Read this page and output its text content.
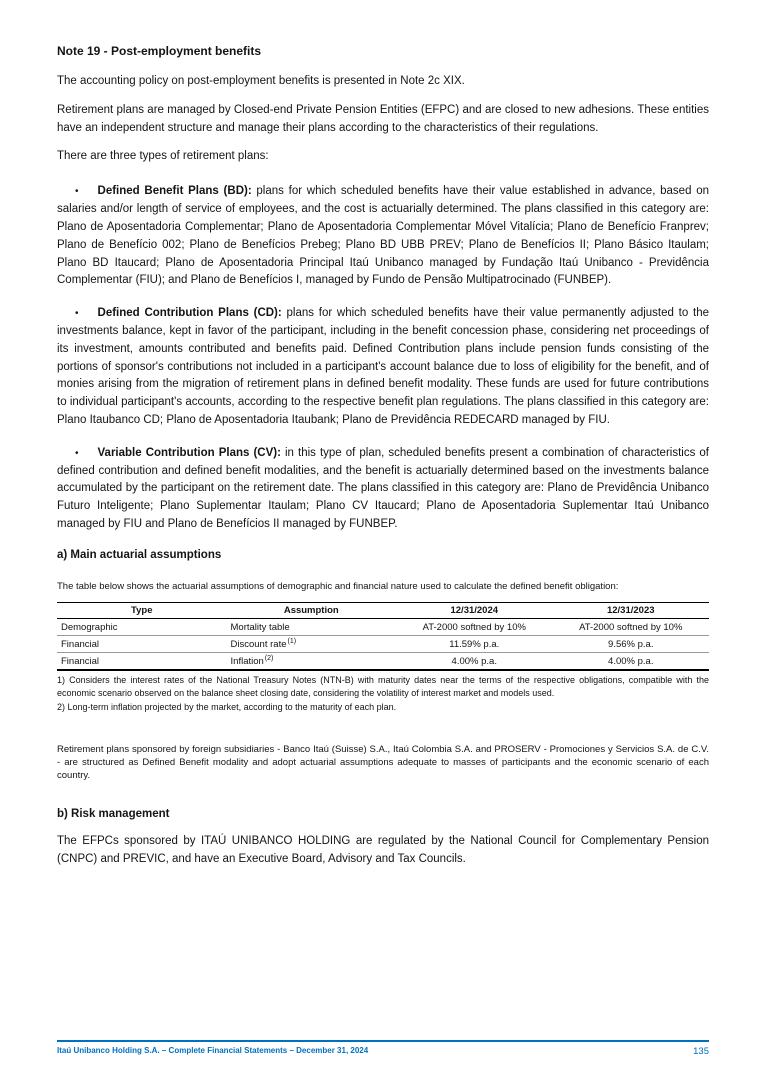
Note 19 - Post-employment benefits

The accounting policy on post-employment benefits is presented in Note 2c XIX.

Retirement plans are managed by Closed-end Private Pension Entities (EFPC) and are closed to new adhesions. These entities have an independent structure and manage their plans according to the characteristics of their regulations.

There are three types of retirement plans:

• Defined Benefit Plans (BD): plans for which scheduled benefits have their value established in advance, based on salaries and/or length of service of employees, and the cost is actuarially determined. The plans classified in this category are: Plano de Aposentadoria Complementar; Plano de Aposentadoria Complementar Móvel Vitalícia; Plano de Benefício Franprev; Plano de Benefício 002; Plano de Benefícios Prebeg; Plano BD UBB PREV; Plano de Benefícios II; Plano Básico Itaulam; Plano BD Itaucard; Plano de Aposentadoria Principal Itaú Unibanco managed by Fundação Itaú Unibanco - Previdência Complementar (FIU); and Plano de Benefícios I, managed by Fundo de Pensão Multipatrocinado (FUNBEP).

• Defined Contribution Plans (CD): plans for which scheduled benefits have their value permanently adjusted to the investments balance, kept in favor of the participant, including in the benefit concession phase, considering net proceedings of its investment, amounts contributed and benefits paid. Defined Contribution plans include pension funds consisting of the portions of sponsor's contributions not included in a participant's account balance due to loss of eligibility for the benefit, and of monies arising from the migration of retirement plans in defined benefit modality. These funds are used for future contributions to individual participant's accounts, according to the respective benefit plan regulations. The plans classified in this category are: Plano Itaubanco CD; Plano de Aposentadoria Itaubank; Plano de Previdência REDECARD managed by FIU.

• Variable Contribution Plans (CV): in this type of plan, scheduled benefits present a combination of characteristics of defined contribution and defined benefit modalities, and the benefit is actuarially determined based on the investments balance accumulated by the participant on the retirement date. The plans classified in this category are: Plano de Previdência Unibanco Futuro Inteligente; Plano Suplementar Itaulam; Plano CV Itaucard; Plano de Aposentadoria Suplementar Itaú Unibanco managed by FIU and Plano de Benefícios II managed by FUNBEP.

a) Main actuarial assumptions

The table below shows the actuarial assumptions of demographic and financial nature used to calculate the defined benefit obligation:

Type	Assumption	12/31/2024	12/31/2023
Demographic	Mortality table	AT-2000 softned by 10%	AT-2000 softned by 10%
Financial	Discount rate$^{(1)}$	11.59% p.a.	9.56% p.a.
Financial	Inflation$^{(2)}$	4.00% p.a.	4.00% p.a.

1) Considers the interest rates of the National Treasury Notes (NTN-B) with maturity dates near the terms of the respective obligations, compatible with the economic scenario observed on the balance sheet closing date, considering the volatility of interest market and models used.

2) Long-term inflation projected by the market, according to the maturity of each plan.

Retirement plans sponsored by foreign subsidiaries - Banco Itaú (Suisse) S.A., Itaú Colombia S.A. and PROSERV - Promociones y Servicios S.A. de C.V. - are structured as Defined Benefit modality and adopt actuarial assumptions adequate to masses of participants and the economic scenario of each country.

b) Risk management

The EFPCs sponsored by ITAÚ UNIBANCO HOLDING are regulated by the National Council for Complementary Pension (CNPC) and PREVIC, and have an Executive Board, Advisory and Tax Councils.

Itaú Unibanco Holding S.A. – Complete Financial Statements – December 31, 2024	135
